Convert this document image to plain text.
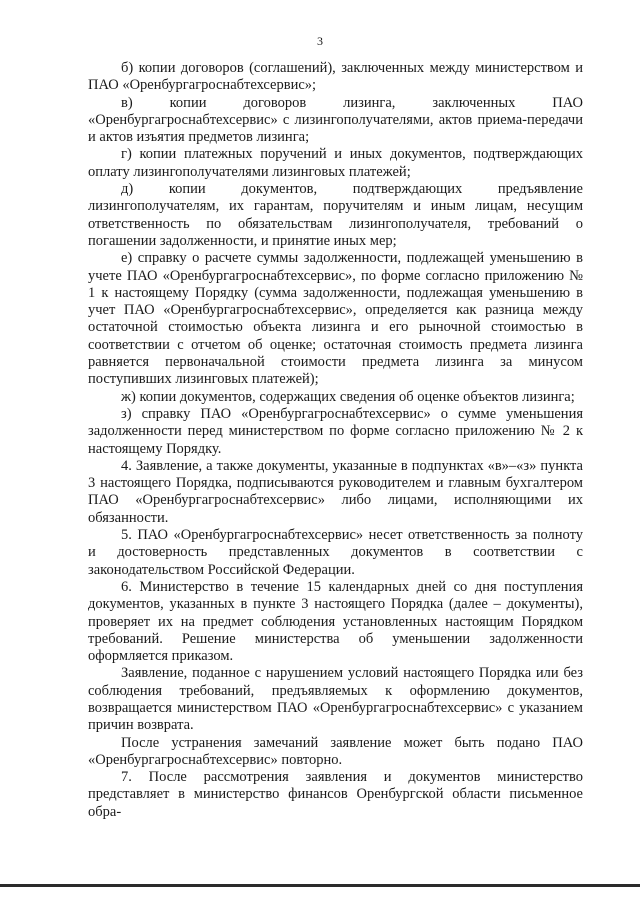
3

б) копии договоров (соглашений), заключенных между министерством и ПАО «Оренбургагроснабтехсервис»;

в) копии договоров лизинга, заключенных ПАО «Оренбургагроснабтехсервис» с лизингополучателями, актов приема-передачи и актов изъятия предметов лизинга;

г) копии платежных поручений и иных документов, подтверждающих оплату лизингополучателями лизинговых платежей;

д) копии документов, подтверждающих предъявление лизингополучателям, их гарантам, поручителям и иным лицам, несущим ответственность по обязательствам лизингополучателя, требований о погашении задолженности, и принятие иных мер;

е) справку о расчете суммы задолженности, подлежащей уменьшению в учете ПАО «Оренбургагроснабтехсервис», по форме согласно приложению № 1 к настоящему Порядку (сумма задолженности, подлежащая уменьшению в учет ПАО «Оренбургагроснабтехсервис», определяется как разница между остаточной стоимостью объекта лизинга и его рыночной стоимостью в соответствии с отчетом об оценке; остаточная стоимость предмета лизинга равняется первоначальной стоимости предмета лизинга за минусом поступивших лизинговых платежей);

ж) копии документов, содержащих сведения об оценке объектов лизинга;

з) справку ПАО «Оренбургагроснабтехсервис» о сумме уменьшения задолженности перед министерством по форме согласно приложению № 2 к настоящему Порядку.

4. Заявление, а также документы, указанные в подпунктах «в»–«з» пункта 3 настоящего Порядка, подписываются руководителем и главным бухгалтером ПАО «Оренбургагроснабтехсервис» либо лицами, исполняющими их обязанности.

5. ПАО «Оренбургагроснабтехсервис» несет ответственность за полноту и достоверность представленных документов в соответствии с законодательством Российской Федерации.

6. Министерство в течение 15 календарных дней со дня поступления документов, указанных в пункте 3 настоящего Порядка (далее – документы), проверяет их на предмет соблюдения установленных настоящим Порядком требований. Решение министерства об уменьшении задолженности оформляется приказом.

Заявление, поданное с нарушением условий настоящего Порядка или без соблюдения требований, предъявляемых к оформлению документов, возвращается министерством ПАО «Оренбургагроснабтехсервис» с указанием причин возврата.

После устранения замечаний заявление может быть подано ПАО «Оренбургагроснабтехсервис» повторно.

7. После рассмотрения заявления и документов министерство представляет в министерство финансов Оренбургской области письменное обра-
